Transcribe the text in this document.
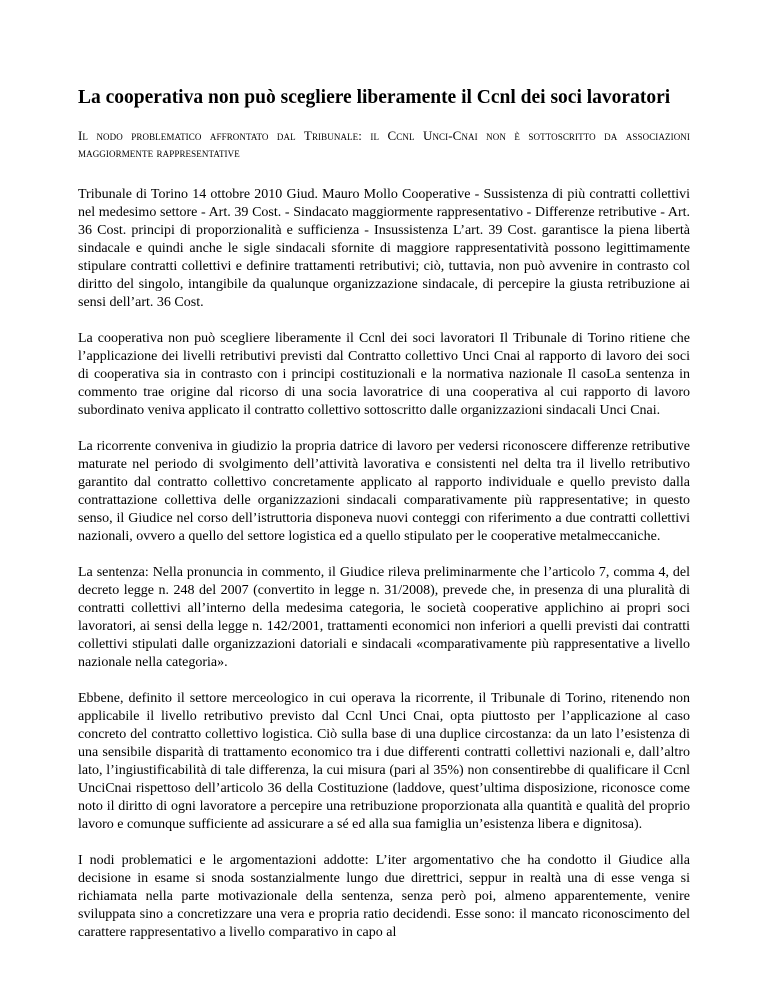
La cooperativa non può scegliere liberamente il Ccnl dei soci lavoratori
Il nodo problematico affrontato dal Tribunale: il Ccnl Unci-Cnai non è sottoscritto da associazioni maggiormente rappresentative

Tribunale di Torino 14 ottobre 2010 Giud. Mauro Mollo Cooperative - Sussistenza di più contratti collettivi nel medesimo settore - Art. 39 Cost. - Sindacato maggiormente rappresentativo - Differenze retributive - Art. 36 Cost. principi di proporzionalità e sufficienza - Insussistenza L’art. 39 Cost. garantisce la piena libertà sindacale e quindi anche le sigle sindacali sfornite di maggiore rappresentatività possono legittimamente stipulare contratti collettivi e definire trattamenti retributivi; ciò, tuttavia, non può avvenire in contrasto col diritto del singolo, intangibile da qualunque organizzazione sindacale, di percepire la giusta retribuzione ai sensi dell’art. 36 Cost.

La cooperativa non può scegliere liberamente il Ccnl dei soci lavoratori Il Tribunale di Torino ritiene che l’applicazione dei livelli retributivi previsti dal Contratto collettivo Unci Cnai al rapporto di lavoro dei soci di cooperativa sia in contrasto con i principi costituzionali e la normativa nazionale Il casoLa sentenza in commento trae origine dal ricorso di una socia lavoratrice di una cooperativa al cui rapporto di lavoro subordinato veniva applicato il contratto collettivo sottoscritto dalle organizzazioni sindacali Unci Cnai.

La ricorrente conveniva in giudizio la propria datrice di lavoro per vedersi riconoscere differenze retributive maturate nel periodo di svolgimento dell’attività lavorativa e consistenti nel delta tra il livello retributivo garantito dal contratto collettivo concretamente applicato al rapporto individuale e quello previsto dalla contrattazione collettiva delle organizzazioni sindacali comparativamente più rappresentative; in questo senso, il Giudice nel corso dell’istruttoria disponeva nuovi conteggi con riferimento a due contratti collettivi nazionali, ovvero a quello del settore logistica ed a quello stipulato per le cooperative metalmeccaniche.

La sentenza: Nella pronuncia in commento, il Giudice rileva preliminarmente che l’articolo 7, comma 4, del decreto legge n. 248 del 2007 (convertito in legge n. 31/2008), prevede che, in presenza di una pluralità di contratti collettivi all’interno della medesima categoria, le società cooperative applichino ai propri soci lavoratori, ai sensi della legge n. 142/2001, trattamenti economici non inferiori a quelli previsti dai contratti collettivi stipulati dalle organizzazioni datoriali e sindacali «comparativamente più rappresentative a livello nazionale nella categoria».

Ebbene, definito il settore merceologico in cui operava la ricorrente, il Tribunale di Torino, ritenendo non applicabile il livello retributivo previsto dal Ccnl Unci Cnai, opta piuttosto per l’applicazione al caso concreto del contratto collettivo logistica. Ciò sulla base di una duplice circostanza: da un lato l’esistenza di una sensibile disparità di trattamento economico tra i due differenti contratti collettivi nazionali e, dall’altro lato, l’ingiustificabilità di tale differenza, la cui misura (pari al 35%) non consentirebbe di qualificare il Ccnl UnciCnai rispettoso dell’articolo 36 della Costituzione (laddove, quest’ultima disposizione, riconosce come noto il diritto di ogni lavoratore a percepire una retribuzione proporzionata alla quantità e qualità del proprio lavoro e comunque sufficiente ad assicurare a sé ed alla sua famiglia un’esistenza libera e dignitosa).

I nodi problematici e le argomentazioni addotte: L’iter argomentativo che ha condotto il Giudice alla decisione in esame si snoda sostanzialmente lungo due direttrici, seppur in realtà una di esse venga si richiamata nella parte motivazionale della sentenza, senza però poi, almeno apparentemente, venire sviluppata sino a concretizzare una vera e propria ratio decidendi. Esse sono: il mancato riconoscimento del carattere rappresentativo a livello comparativo in capo al
